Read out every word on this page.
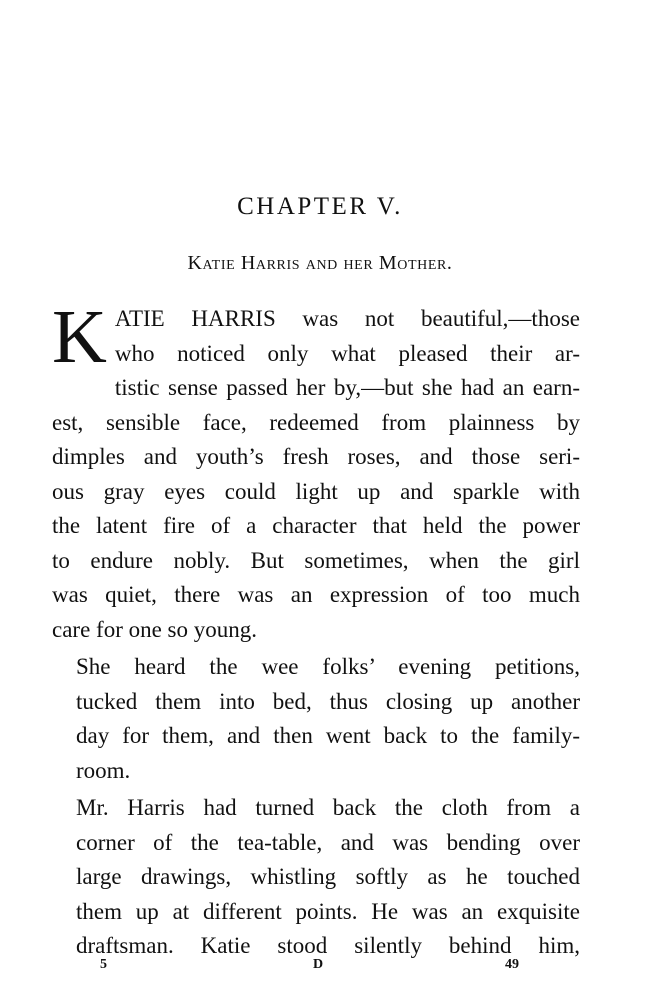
CHAPTER V.
Katie Harris and her Mother.
K ATIE HARRIS was not beautiful,—those
who noticed only what pleased their ar-
tistic sense passed her by,—but she had an earn-
est, sensible face, redeemed from plainness by
dimples and youth’s fresh roses, and those seri-
ous gray eyes could light up and sparkle with
the latent fire of a character that held the power
to endure nobly. But sometimes, when the girl
was quiet, there was an expression of too much
care for one so young.
She heard the wee folks’ evening petitions,
tucked them into bed, thus closing up another
day for them, and then went back to the family-
room.
Mr. Harris had turned back the cloth from a
corner of the tea-table, and was bending over
large drawings, whistling softly as he touched
them up at different points. He was an exquisite
draftsman. Katie stood silently behind him,
5	D	49
